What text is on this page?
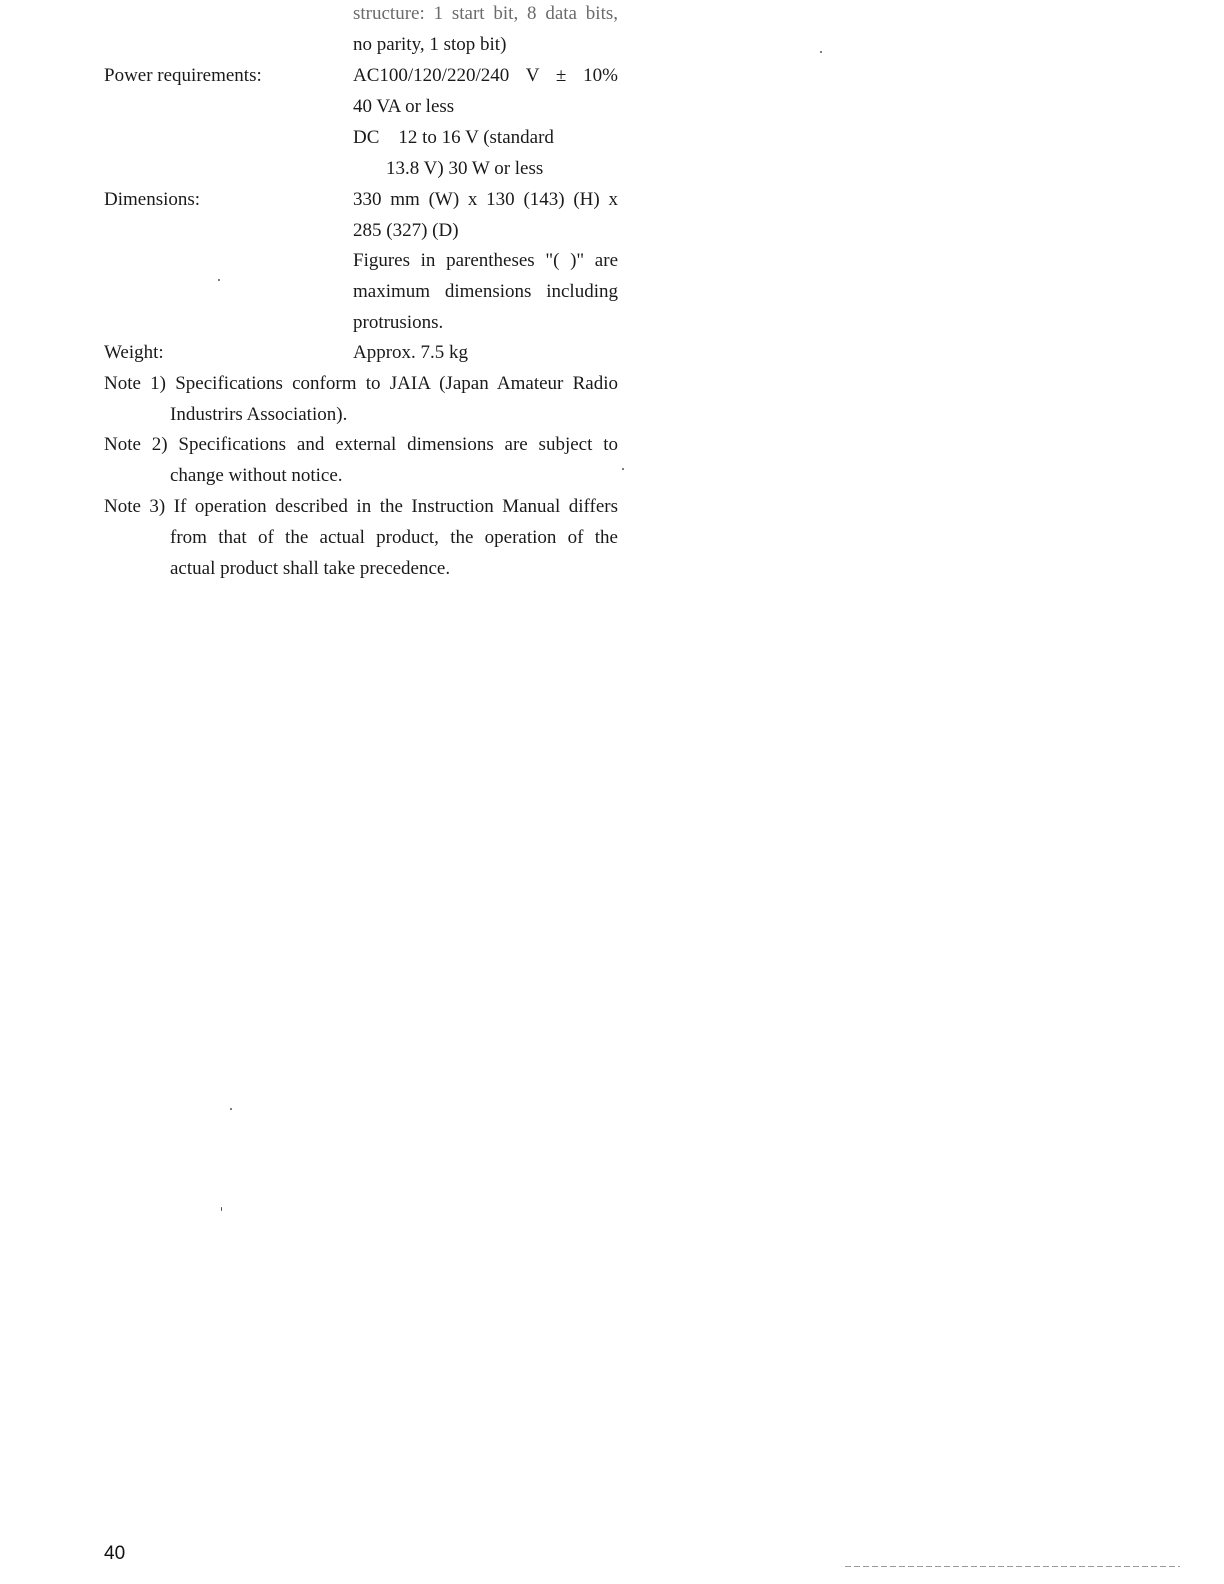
structure: 1 start bit, 8 data bits,
no parity, 1 stop bit)
Power requirements:	AC100/120/220/240 V ± 10%
40 VA or less
DC    12 to 16 V (standard
13.8 V) 30 W or less
Dimensions:	330 mm (W) x 130 (143) (H) x
285 (327) (D)
Figures in parentheses "( )" are
maximum dimensions including
protrusions.
Weight:	Approx. 7.5 kg
Note 1) Specifications conform to JAIA (Japan Amateur Radio
Industrirs Association).
Note 2) Specifications and external dimensions are subject to
change without notice.
Note 3) If operation described in the Instruction Manual differs
from that of the actual product, the operation of the
actual product shall take precedence.
40
